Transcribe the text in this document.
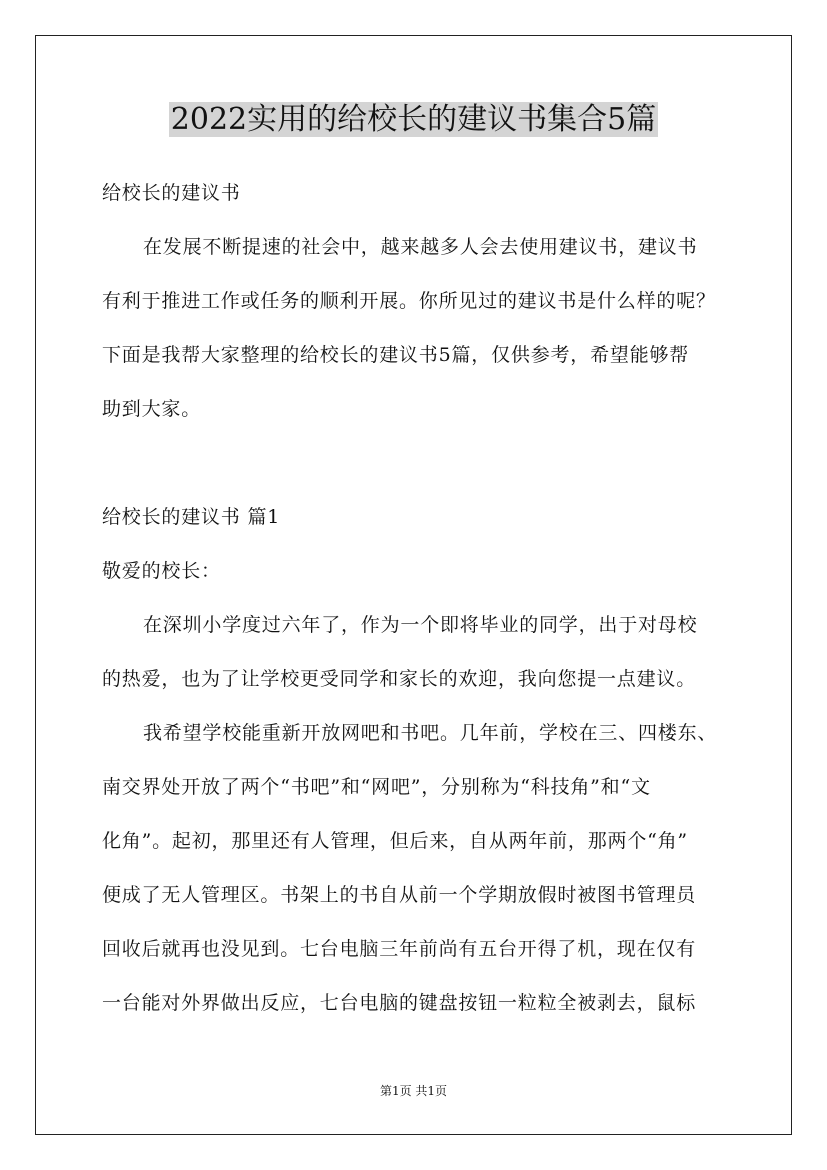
2022实用的给校长的建议书集合5篇
给校长的建议书
在发展不断提速的社会中，越来越多人会去使用建议书，建议书
有利于推进工作或任务的顺利开展。你所见过的建议书是什么样的呢？
下面是我帮大家整理的给校长的建议书5篇，仅供参考，希望能够帮
助到大家。
给校长的建议书 篇1
敬爱的校长：
在深圳小学度过六年了，作为一个即将毕业的同学，出于对母校
的热爱，也为了让学校更受同学和家长的欢迎，我向您提一点建议。
我希望学校能重新开放网吧和书吧。几年前，学校在三、四楼东、
南交界处开放了两个“书吧”和“网吧”，分别称为“科技角”和“文
化角”。起初，那里还有人管理，但后来，自从两年前，那两个“角”
便成了无人管理区。书架上的书自从前一个学期放假时被图书管理员
回收后就再也没见到。七台电脑三年前尚有五台开得了机，现在仅有
一台能对外界做出反应，七台电脑的键盘按钮一粒粒全被剥去，鼠标
第1页 共1页
